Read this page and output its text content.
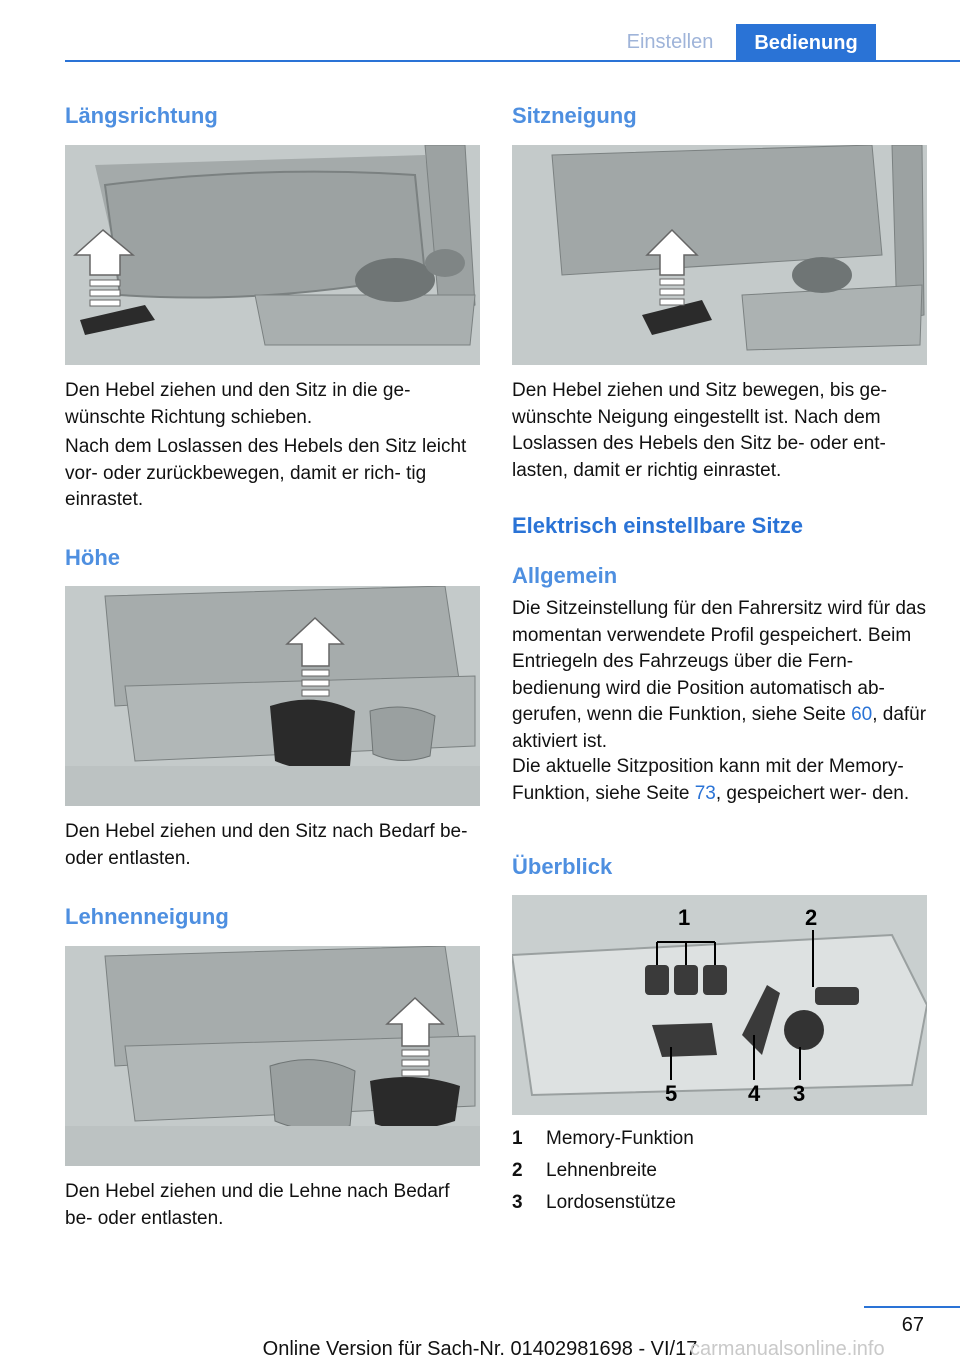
Einstellen	Bedienung
Längsrichtung
Den Hebel ziehen und den Sitz in die ge‐ wünschte Richtung schieben.
Nach dem Loslassen des Hebels den Sitz leicht vor- oder zurückbewegen, damit er rich‐ tig einrastet.
Höhe
Den Hebel ziehen und den Sitz nach Bedarf be- oder entlasten.
Lehnenneigung
Den Hebel ziehen und die Lehne nach Bedarf be- oder entlasten.
Sitzneigung
Den Hebel ziehen und Sitz bewegen, bis ge‐ wünschte Neigung eingestellt ist. Nach dem Loslassen des Hebels den Sitz be- oder ent‐ lasten, damit er richtig einrastet.
Elektrisch einstellbare Sitze
Allgemein
Die Sitzeinstellung für den Fahrersitz wird für das momentan verwendete Profil gespeichert. Beim Entriegeln des Fahrzeugs über die Fern‐ bedienung wird die Position automatisch ab‐ gerufen, wenn die Funktion, siehe Seite 60, dafür aktiviert ist.
Die aktuelle Sitzposition kann mit der Memory-Funktion, siehe Seite 73, gespeichert wer‐ den.
Überblick
1	2
3
4
5
1 Memory-Funktion
2 Lehnenbreite
3 Lordosenstütze
67
Online Version für Sach-Nr. 01402981698 - VI/17
carmanualsonline.info
